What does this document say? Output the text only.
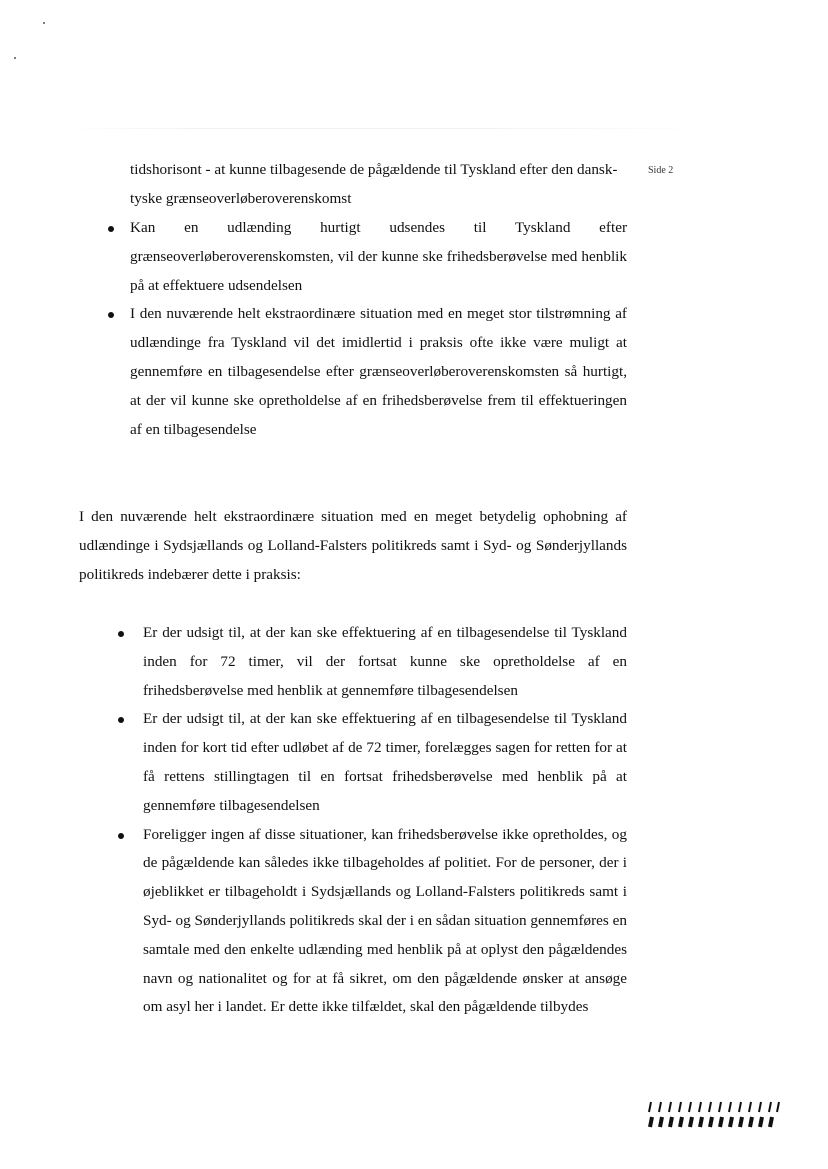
Side 2

tidshorisont - at kunne tilbagesende de pågældende til Tyskland efter den dansk-tyske grænseoverløberoverenskomst

Kan en udlænding hurtigt udsendes til Tyskland efter grænseoverløberoverenskomsten, vil der kunne ske frihedsberøvelse med henblik på at effektuere udsendelsen
I den nuværende helt ekstraordinære situation med en meget stor tilstrømning af udlændinge fra Tyskland vil det imidlertid i praksis ofte ikke være muligt at gennemføre en tilbagesendelse efter grænseoverløberoverenskomsten så hurtigt, at der vil kunne ske opretholdelse af en frihedsberøvelse frem til effektueringen af en tilbagesendelse

I den nuværende helt ekstraordinære situation med en meget betydelig ophobning af udlændinge i Sydsjællands og Lolland-Falsters politikreds samt i Syd- og Sønderjyllands politikreds indebærer dette i praksis:

Er der udsigt til, at der kan ske effektuering af en tilbagesendelse til Tyskland inden for 72 timer, vil der fortsat kunne ske opretholdelse af en frihedsberøvelse med henblik at gennemføre tilbagesendelsen
Er der udsigt til, at der kan ske effektuering af en tilbagesendelse til Tyskland inden for kort tid efter udløbet af de 72 timer, forelægges sagen for retten for at få rettens stillingtagen til en fortsat frihedsberøvelse med henblik på at gennemføre tilbagesendelsen
Foreligger ingen af disse situationer, kan frihedsberøvelse ikke opretholdes, og de pågældende kan således ikke tilbageholdes af politiet. For de personer, der i øjeblikket er tilbageholdt i Sydsjællands og Lolland-Falsters politikreds samt i Syd- og Sønderjyllands politikreds skal der i en sådan situation gennemføres en samtale med den enkelte udlænding med henblik på at oplyst den pågældendes navn og nationalitet og for at få sikret, om den pågældende ønsker at ansøge om asyl her i landet. Er dette ikke tilfældet, skal den pågældende tilbydes
